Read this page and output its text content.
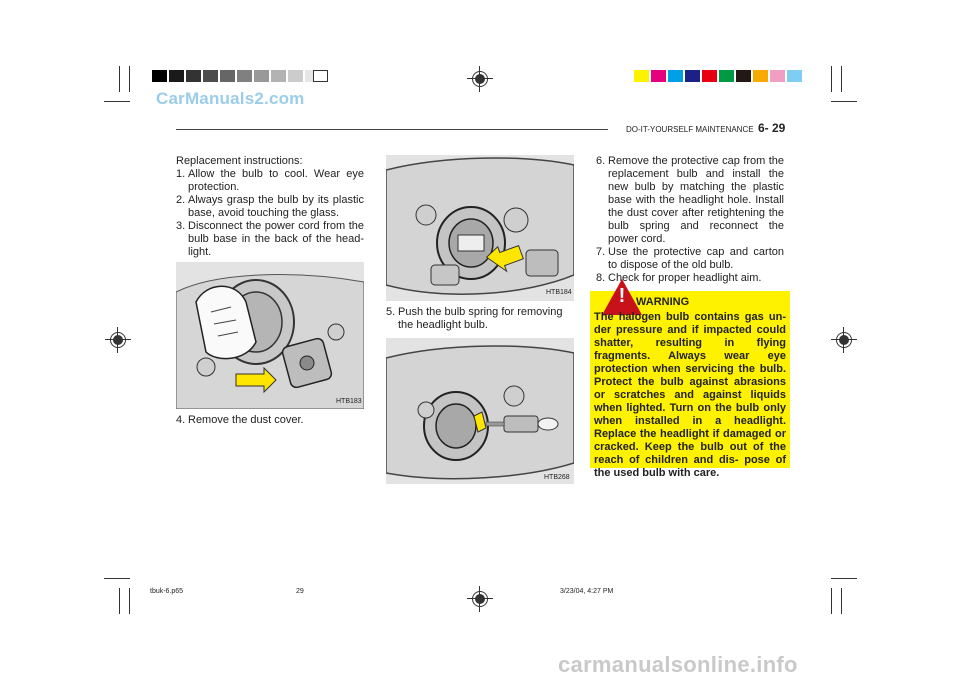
CarManuals2.com
DO-IT-YOURSELF MAINTENANCE 6- 29
Replacement instructions:
1. Allow the bulb to cool. Wear eye protection.
2. Always grasp the bulb by its plastic base, avoid touching the glass.
3. Disconnect the power cord from the bulb base in the back of the head- light.
HTB183
4. Remove the dust cover.
HTB184
5. Push the bulb spring for removing the headlight bulb.
HTB268
6. Remove the protective cap from the replacement bulb and install the new bulb by matching the plastic base with the headlight hole. Install the dust cover after retightening the bulb spring and reconnect the power cord.
7. Use the protective cap and carton to dispose of the old bulb.
8. Check for proper headlight aim.
! WARNING
The halogen bulb contains gas un- der pressure and if impacted could shatter, resulting in flying fragments. Always wear eye protection when servicing the bulb. Protect the bulb against abrasions or scratches and against liquids when lighted. Turn on the bulb only when installed in a headlight. Replace the headlight if damaged or cracked. Keep the bulb out of the reach of children and dis- pose of the used bulb with care.
tbuk-6.p65	29	3/23/04, 4:27 PM
carmanualsonline.info
